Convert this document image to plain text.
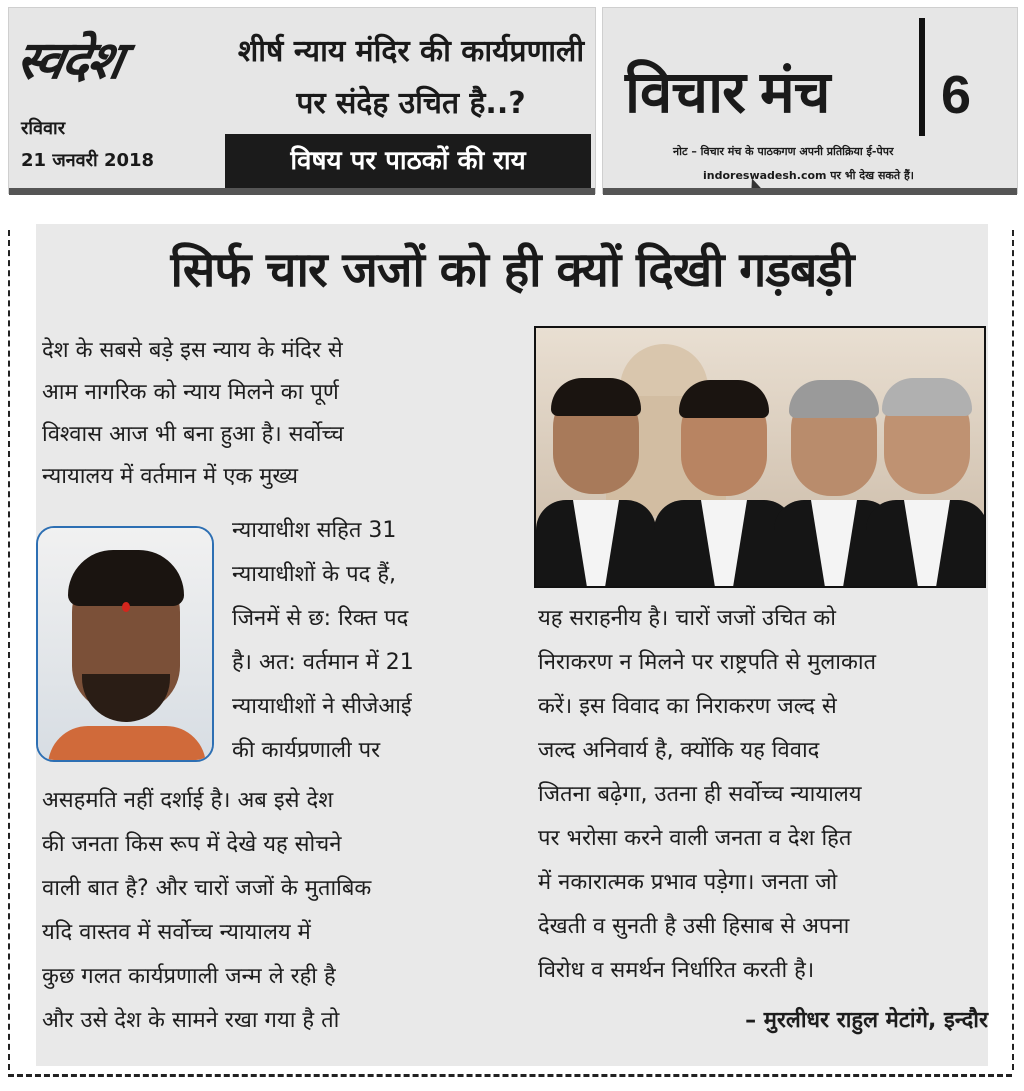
स्वदेश
रविवार
21 जनवरी 2018
शीर्ष न्याय मंदिर की कार्यप्रणाली
पर संदेह उचित है..?
विषय पर पाठकों की राय
विचार मंच 6
नोट – विचार मंच के पाठकगण अपनी प्रतिक्रिया ई-पेपर
indoreswadesh.com पर भी देख सकते हैं।
सिर्फ चार जजों को ही क्यों दिखी गड़बड़ी
देश के सबसे बड़े इस न्याय के मंदिर से
आम नागरिक को न्याय मिलने का पूर्ण
विश्वास आज भी बना हुआ है। सर्वोच्च
न्यायालय में वर्तमान में एक मुख्य
न्यायाधीश सहित 31
न्यायाधीशों के पद हैं,
जिनमें से छ: रिक्त पद
है। अत: वर्तमान में 21
न्यायाधीशों ने सीजेआई
की कार्यप्रणाली पर
असहमति नहीं दर्शाई है। अब इसे देश
की जनता किस रूप में देखे यह सोचने
वाली बात है? और चारों जजों के मुताबिक
यदि वास्तव में सर्वोच्च न्यायालय में
कुछ गलत कार्यप्रणाली जन्म ले रही है
और उसे देश के सामने रखा गया है तो
यह सराहनीय है। चारों जजों उचित को
निराकरण न मिलने पर राष्ट्रपति से मुलाकात
करें। इस विवाद का निराकरण जल्द से
जल्द अनिवार्य है, क्योंकि यह विवाद
जितना बढ़ेगा, उतना ही सर्वोच्च न्यायालय
पर भरोसा करने वाली जनता व देश हित
में नकारात्मक प्रभाव पड़ेगा। जनता जो
देखती व सुनती है उसी हिसाब से अपना
विरोध व समर्थन निर्धारित करती है।
– मुरलीधर राहुल मेटांगे, इन्दौर
